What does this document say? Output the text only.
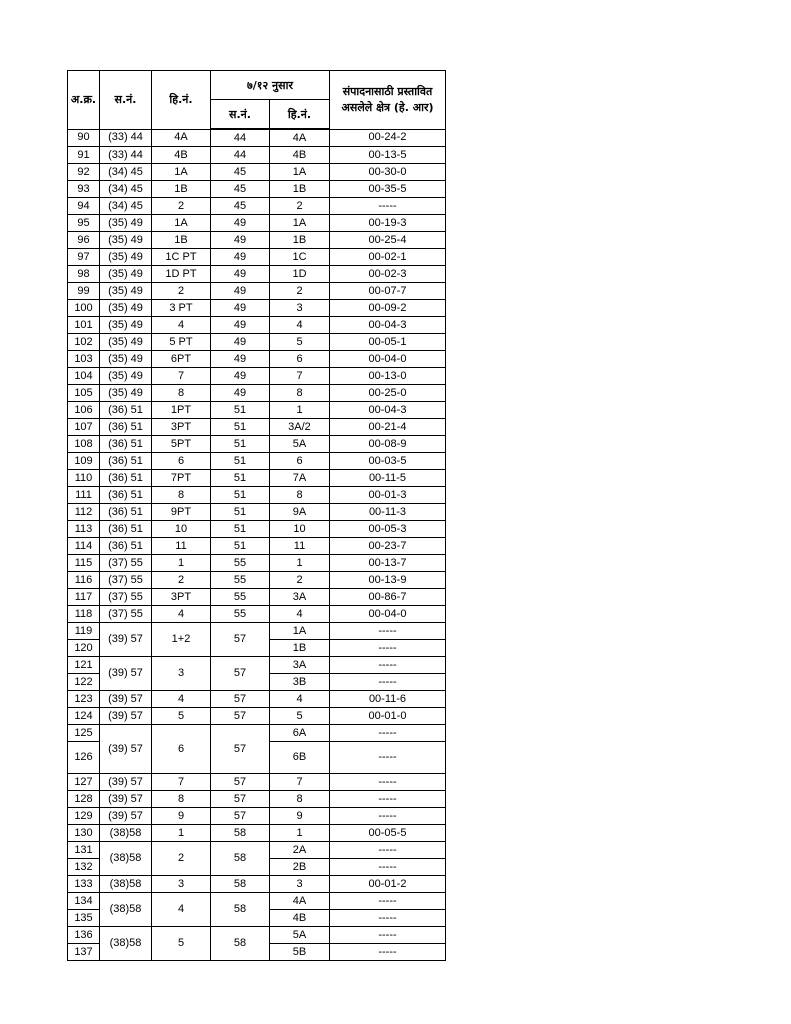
अ.क्र.	स.नं.	हि.नं.	७/१२ नुसार		संपादनासाठी प्रस्तावित
असलेले क्षेत्र (हे. आर)

			स.नं.	हि.नं.	
90	(33) 44	4A	44	4A	00-24-2
91	(33) 44	4B	44	4B	00-13-5
92	(34) 45	1A	45	1A	00-30-0
93	(34) 45	1B	45	1B	00-35-5
94	(34) 45	2	45	2	-----
95	(35) 49	1A	49	1A	00-19-3
96	(35) 49	1B	49	1B	00-25-4
97	(35) 49	1C PT	49	1C	00-02-1
98	(35) 49	1D PT	49	1D	00-02-3
99	(35) 49	2	49	2	00-07-7
100	(35) 49	3 PT	49	3	00-09-2
101	(35) 49	4	49	4	00-04-3
102	(35) 49	5 PT	49	5	00-05-1
103	(35) 49	6PT	49	6	00-04-0
104	(35) 49	7	49	7	00-13-0
105	(35) 49	8	49	8	00-25-0
106	(36) 51	1PT	51	1	00-04-3
107	(36) 51	3PT	51	3A/2	00-21-4
108	(36) 51	5PT	51	5A	00-08-9
109	(36) 51	6	51	6	00-03-5
110	(36) 51	7PT	51	7A	00-11-5
111	(36) 51	8	51	8	00-01-3
112	(36) 51	9PT	51	9A	00-11-3
113	(36) 51	10	51	10	00-05-3
114	(36) 51	11	51	11	00-23-7
115	(37) 55	1	55	1	00-13-7
116	(37) 55	2	55	2	00-13-9
117	(37) 55	3PT	55	3A	00-86-7
118	(37) 55	4	55	4	00-04-0
119	(39) 57	1+2	57	1A	-----
120				1B	-----
121	(39) 57	3	57	3A	-----
122				3B	-----
123	(39) 57	4	57	4	00-11-6
124	(39) 57	5	57	5	00-01-0
125	(39) 57	6	57	6A	-----
126				6B	-----
127	(39) 57	7	57	7	-----
128	(39) 57	8	57	8	-----
129	(39) 57	9	57	9	-----
130	(38)58	1	58	1	00-05-5
131	(38)58	2	58	2A	-----
132				2B	-----
133	(38)58	3	58	3	00-01-2
134	(38)58	4	58	4A	-----
135				4B	-----
136	(38)58	5	58	5A	-----
137				5B	-----
